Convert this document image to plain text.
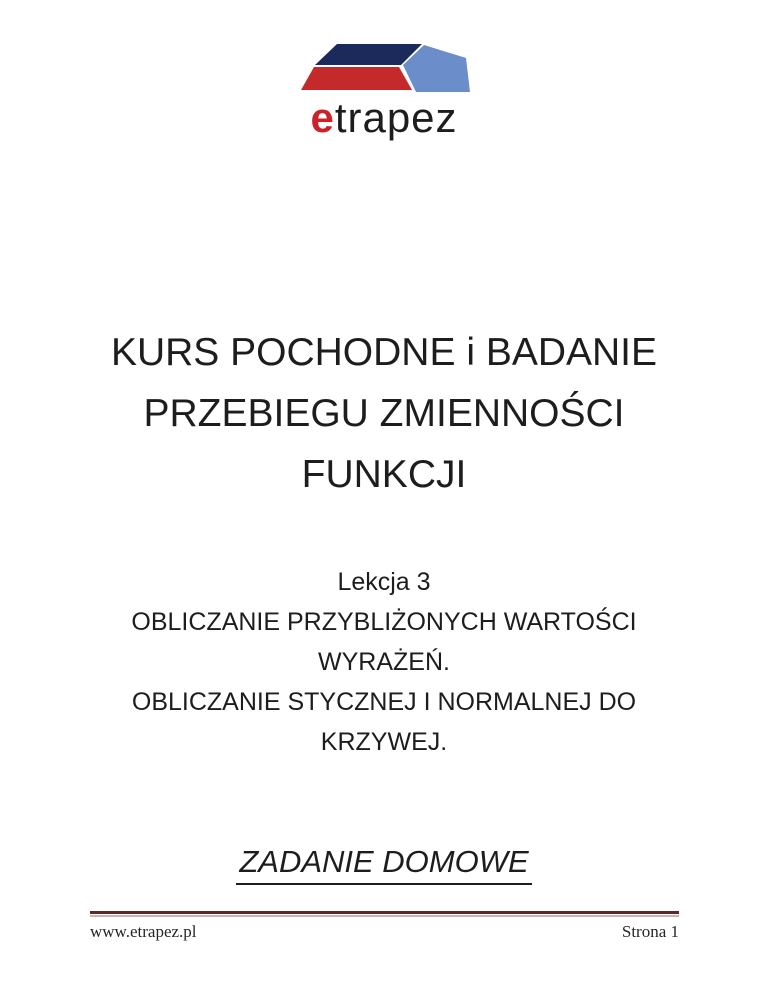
etrapez
KURS POCHODNE i BADANIE
PRZEBIEGU ZMIENNOŚCI
FUNKCJI
Lekcja 3
OBLICZANIE PRZYBLIŻONYCH WARTOŚCI
WYRAŻEŃ.
OBLICZANIE STYCZNEJ I NORMALNEJ DO
KRZYWEJ.
ZADANIE DOMOWE
www.etrapez.pl	Strona 1
